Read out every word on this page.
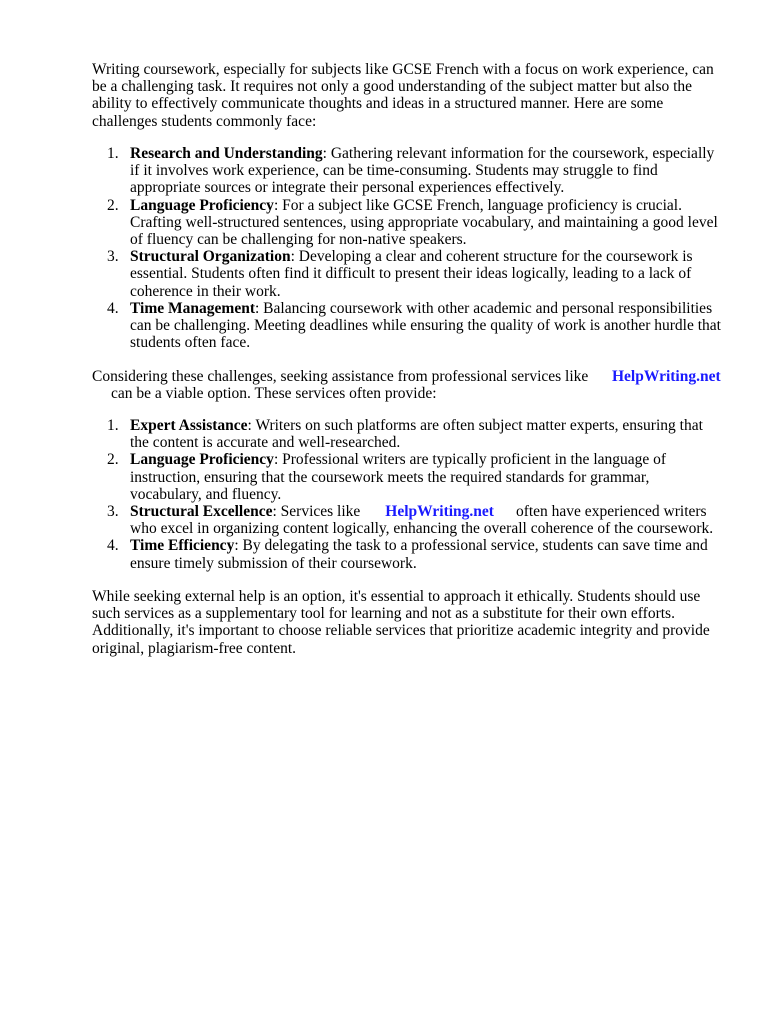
Writing coursework, especially for subjects like GCSE French with a focus on work experience, can be a challenging task. It requires not only a good understanding of the subject matter but also the ability to effectively communicate thoughts and ideas in a structured manner. Here are some challenges students commonly face:

1. Research and Understanding: Gathering relevant information for the coursework, especially if it involves work experience, can be time-consuming. Students may struggle to find appropriate sources or integrate their personal experiences effectively.
2. Language Proficiency: For a subject like GCSE French, language proficiency is crucial. Crafting well-structured sentences, using appropriate vocabulary, and maintaining a good level of fluency can be challenging for non-native speakers.
3. Structural Organization: Developing a clear and coherent structure for the coursework is essential. Students often find it difficult to present their ideas logically, leading to a lack of coherence in their work.
4. Time Management: Balancing coursework with other academic and personal responsibilities can be challenging. Meeting deadlines while ensuring the quality of work is another hurdle that students often face.
Considering these challenges, seeking assistance from professional services like HelpWriting.net
can be a viable option. These services often provide:
1. Expert Assistance: Writers on such platforms are often subject matter experts, ensuring that the content is accurate and well-researched.
2. Language Proficiency: Professional writers are typically proficient in the language of instruction, ensuring that the coursework meets the required standards for grammar, vocabulary, and fluency.
3. Structural Excellence: Services like HelpWriting.net often have experienced writers who excel in organizing content logically, enhancing the overall coherence of the coursework.
4. Time Efficiency: By delegating the task to a professional service, students can save time and ensure timely submission of their coursework.

While seeking external help is an option, it's essential to approach it ethically. Students should use such services as a supplementary tool for learning and not as a substitute for their own efforts. Additionally, it's important to choose reliable services that prioritize academic integrity and provide original, plagiarism-free content.
